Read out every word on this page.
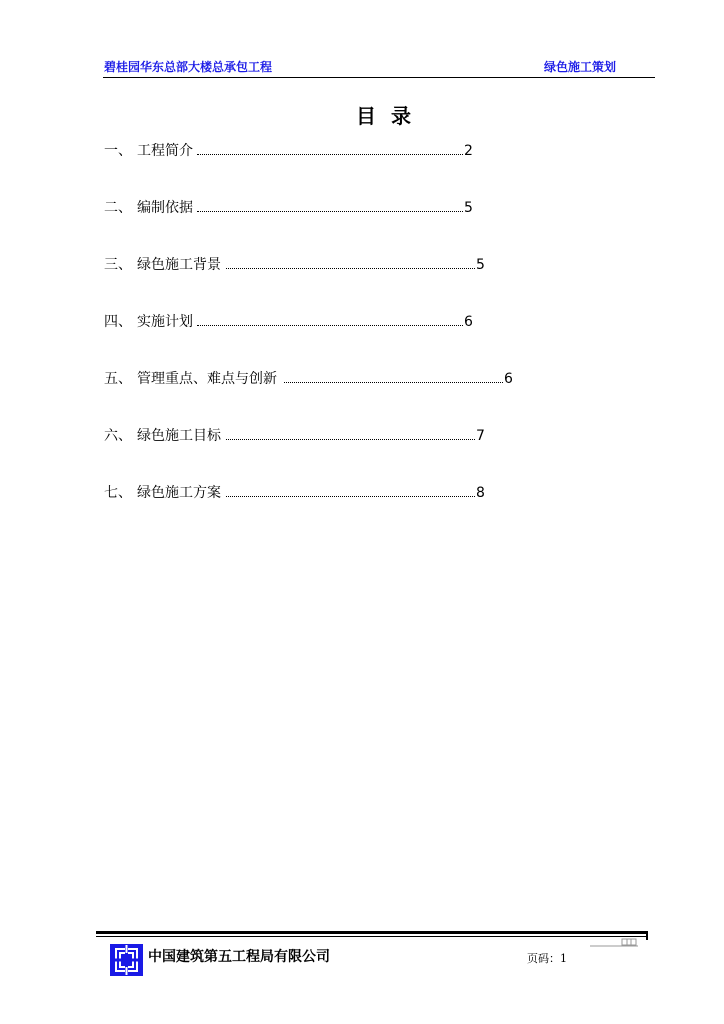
碧桂园华东总部大楼总承包工程	绿色施工策划
目 录
一、 工程简介	2
二、 编制依据	5
三、 绿色施工背景	5
四、 实施计划	6
五、 管理重点、难点与创新	6
六、 绿色施工目标	7
七、 绿色施工方案	8
中国建筑第五工程局有限公司	页码：1
